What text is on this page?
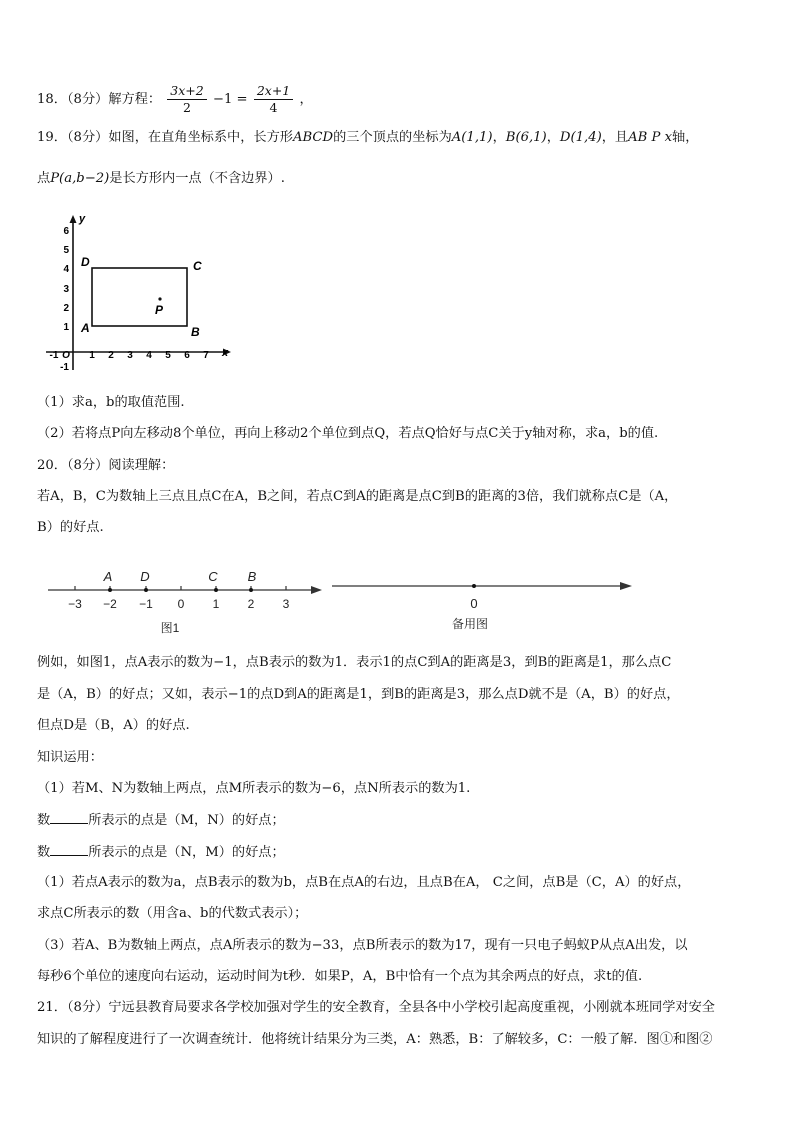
18．（8分）解方程： $\frac{3x+2}{2} -1 = \frac{2x+1}{4}$ ，
19．（8分）如图，在直角坐标系中，长方形ABCD的三个顶点的坐标为A(1,1)，B(6,1)，D(1,4)，且AB P x轴，
点P(a,b−2)是长方形内一点（不含边界）.
y
x
-1	1 2 3 4 5 6 7
O
-1
1
2
3
4
5
6
A	B
C
D
P
（1）求a，b的取值范围.
（2）若将点P向左移动8个单位，再向上移动2个单位到点Q，若点Q恰好与点C关于y轴对称，求a，b的值.
20．（8分）阅读理解：
若A，B，C为数轴上三点且点C在A，B之间，若点C到A的距离是点C到B的距离的3倍，我们就称点C是（A，
B）的好点.
A D	C B
−3 −2 −1 0 1 2 3
图1
0
备用图
例如，如图1，点A表示的数为−1，点B表示的数为1．表示1的点C到A的距离是3，到B的距离是1，那么点C
是（A，B）的好点；又如，表示−1的点D到A的距离是1，到B的距离是3，那么点D就不是（A，B）的好点，
但点D是（B，A）的好点.
知识运用：
（1）若M、N为数轴上两点，点M所表示的数为−6，点N所表示的数为1.
数	所表示的点是（M，N）的好点；
数	所表示的点是（N，M）的好点；
（1）若点A表示的数为a，点B表示的数为b，点B在点A的右边，且点B在A， C之间，点B是（C，A）的好点，
求点C所表示的数（用含a、b的代数式表示）；
（3）若A、B为数轴上两点，点A所表示的数为−33，点B所表示的数为17，现有一只电子蚂蚁P从点A出发，以
每秒6个单位的速度向右运动，运动时间为t秒．如果P，A，B中恰有一个点为其余两点的好点，求t的值.
21．（8分）宁远县教育局要求各学校加强对学生的安全教育，全县各中小学校引起高度重视，小刚就本班同学对安全
知识的了解程度进行了一次调查统计．他将统计结果分为三类，A：熟悉，B：了解较多，C：一般了解．图①和图②
